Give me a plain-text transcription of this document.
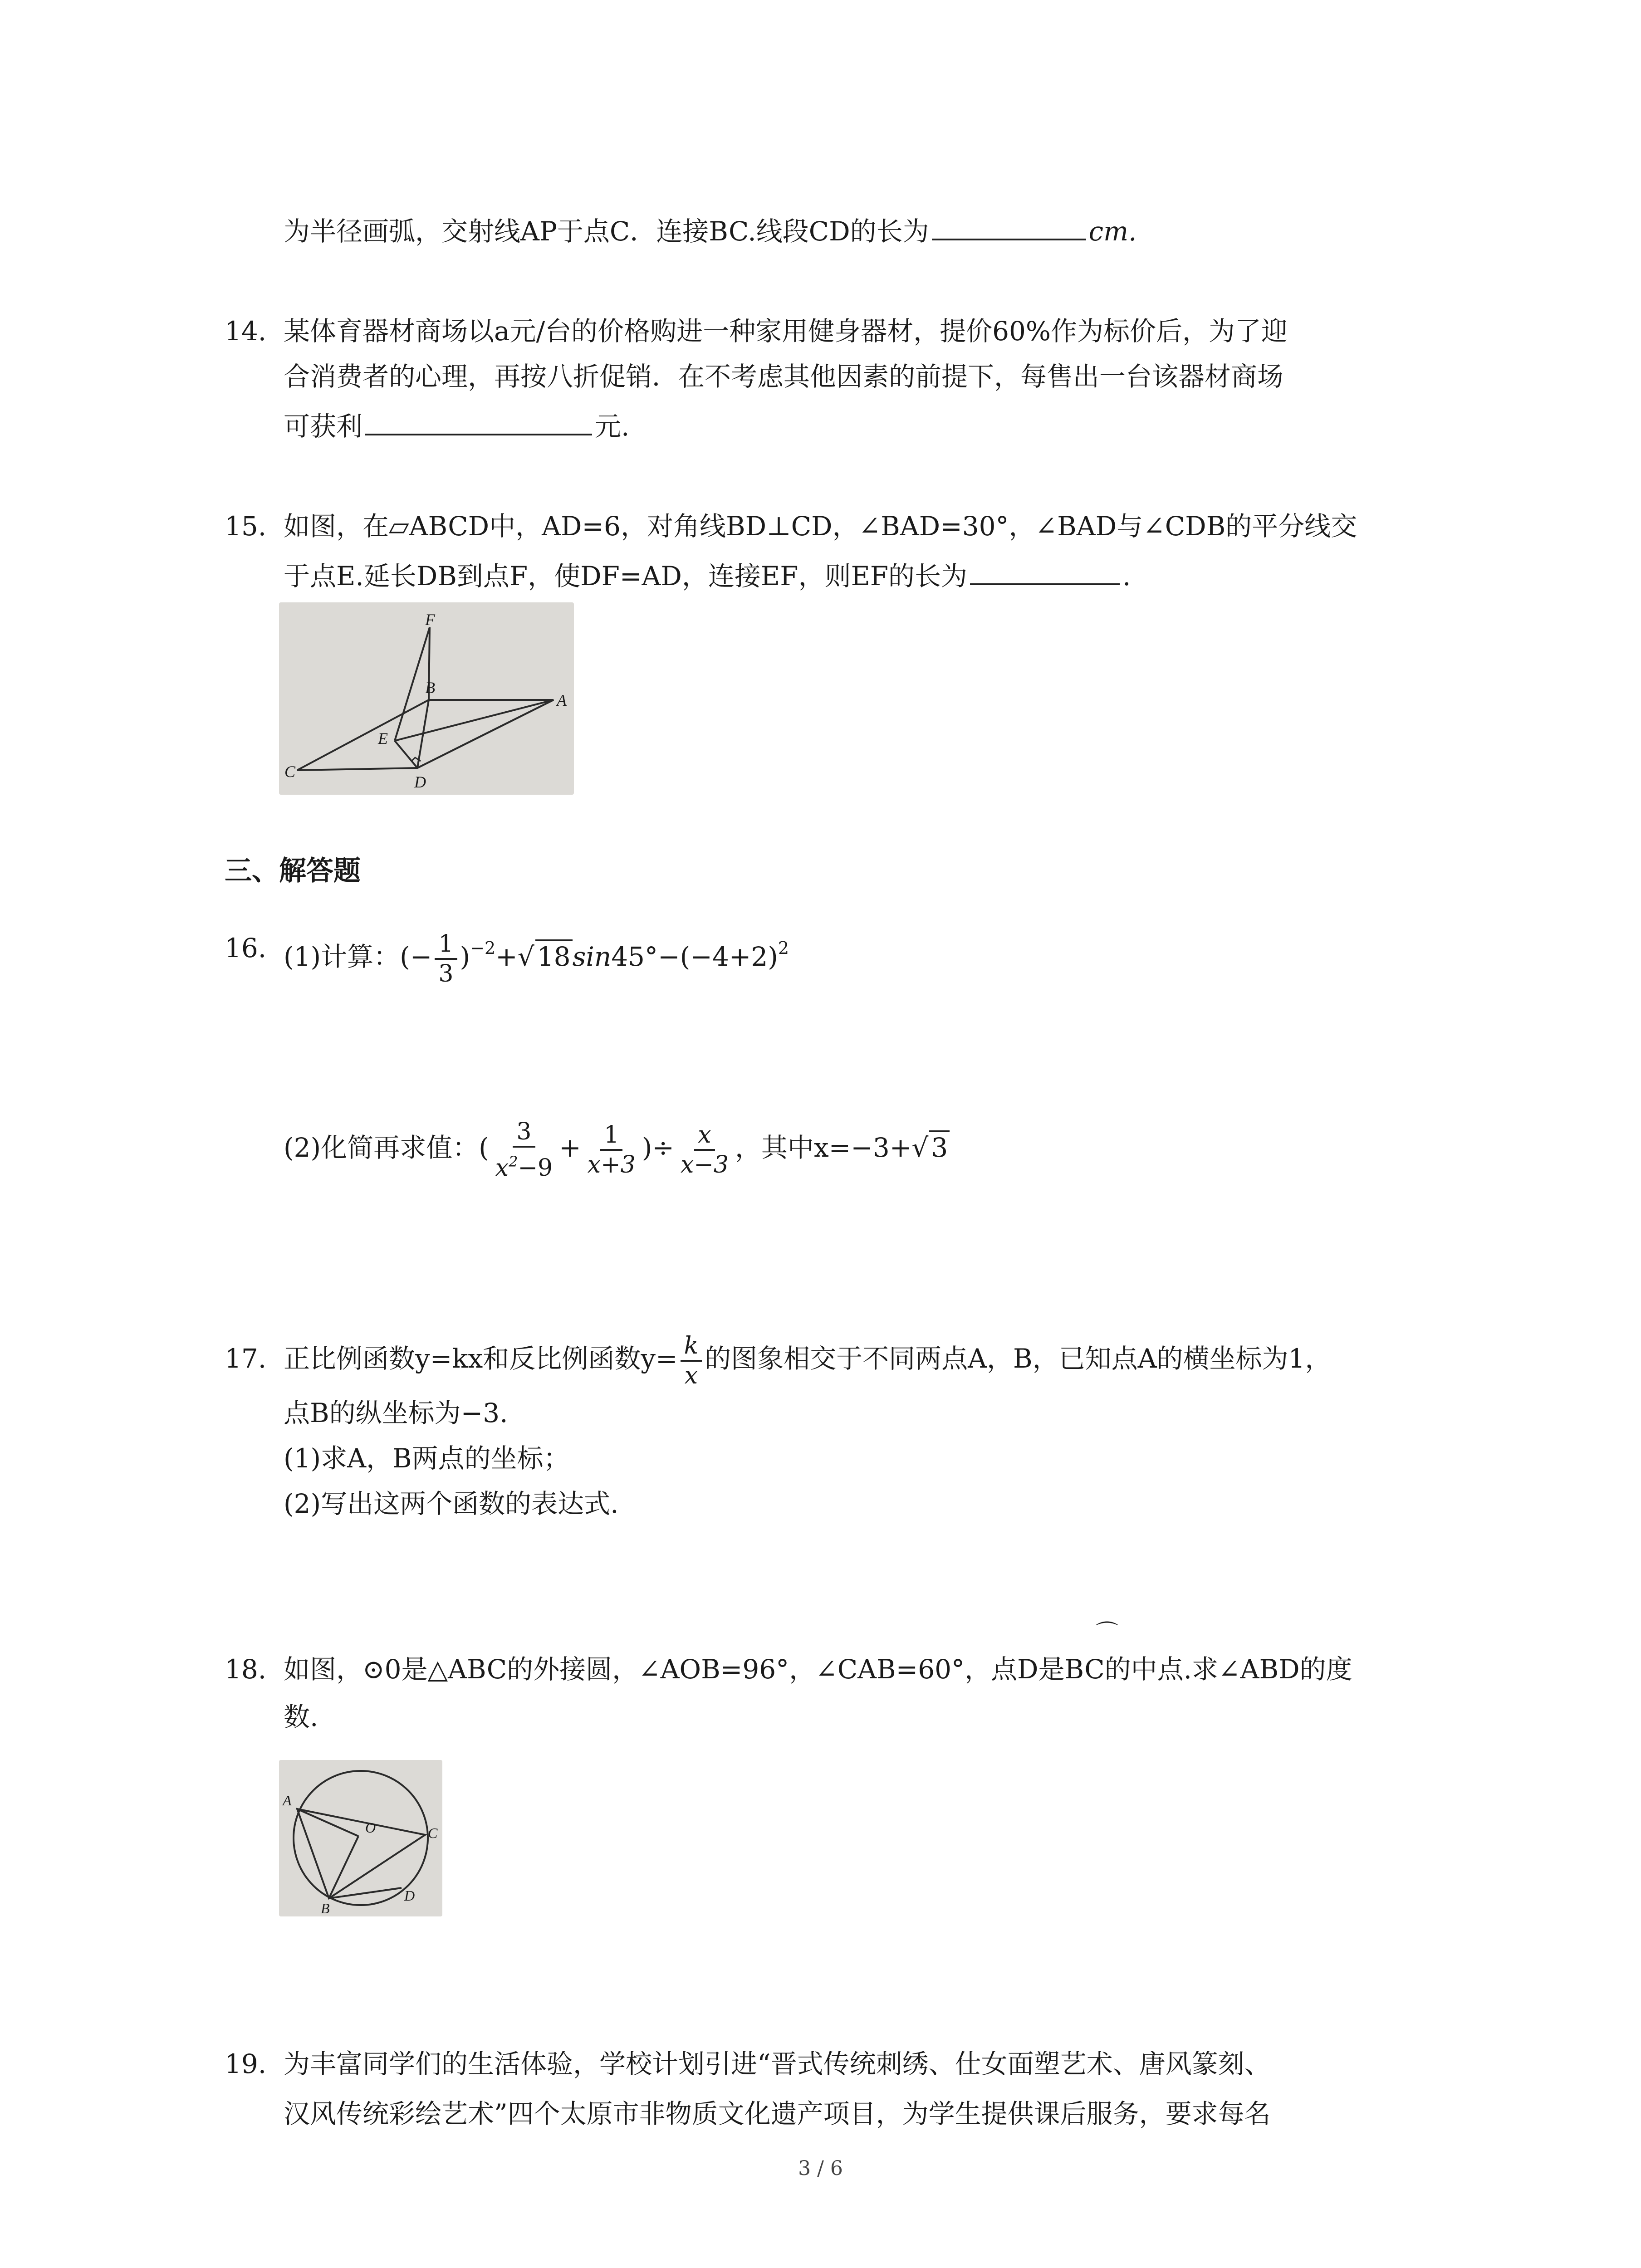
为半径画弧，交射线AP于点C．连接BC.线段CD的长为	cm.
14. 某体育器材商场以a元/台的价格购进一种家用健身器材，提价60%作为标价后，为了迎
合消费者的心理，再按八折促销．在不考虑其他因素的前提下，每售出一台该器材商场
可获利	元.
15. 如图，在▱ABCD中，AD=6，对角线BD⊥CD，∠BAD=30°，∠BAD与∠CDB的平分线交
于点E.延长DB到点F，使DF=AD，连接EF，则EF的长为	.
F
B
A
E
C
D
三、解答题
16. (1)计算：(− $\frac{1}{3} )^{-2}+√$ $18\sin 45^\circ-(-4+2)^2$
(2)化简再求值：( $\frac{3}{x^2-9} + \frac{1}{x+3}$ )÷ $\frac{x}{x-3}$ ，其中x=−3+√ 3
17. 正比例函数y=kx和反比例函数$y= \frac{k}{x}$ 的图象相交于不同两点A，B，已知点A的横坐标为1，
点B的纵坐标为−3.
(1)求A，B两点的坐标；
(2)写出这两个函数的表达式.
⌒
18. 如图，⊙0是△ABC的外接圆，∠AOB=96°，∠CAB=60°，点D是BC的中点.求∠ABD的度
数.
A
O	C
B
D
19. 为丰富同学们的生活体验，学校计划引进“晋式传统刺绣、仕女面塑艺术、唐风篆刻、
汉风传统彩绘艺术”四个太原市非物质文化遗产项目，为学生提供课后服务，要求每名
3 / 6
